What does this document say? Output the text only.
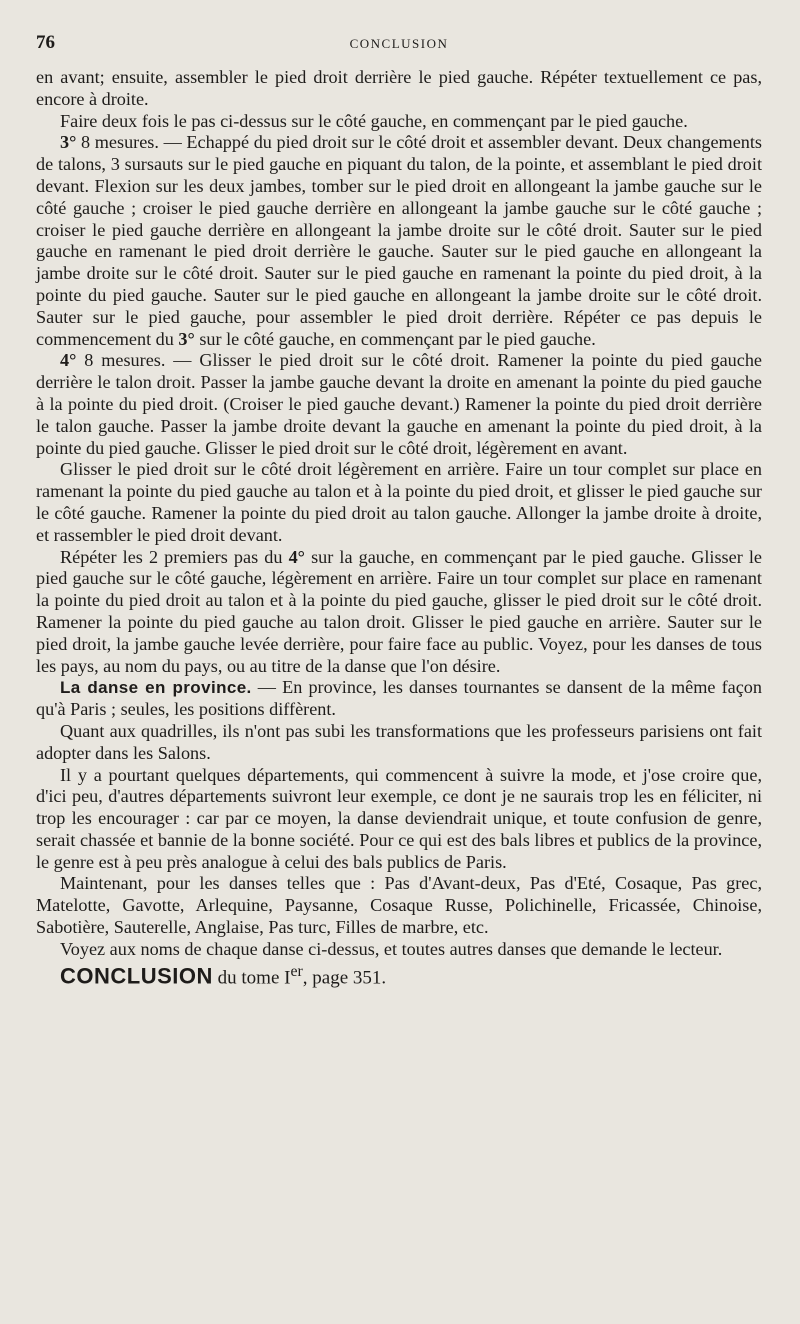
76	CONCLUSION

en avant; ensuite, assembler le pied droit derrière le pied gauche. Répéter textuellement ce pas, encore à droite.

Faire deux fois le pas ci-dessus sur le côté gauche, en commençant par le pied gauche.

3° 8 mesures. — Echappé du pied droit sur le côté droit et assembler devant. Deux changements de talons, 3 sursauts sur le pied gauche en piquant du talon, de la pointe, et assemblant le pied droit devant. Flexion sur les deux jambes, tomber sur le pied droit en allongeant la jambe gauche sur le côté gauche ; croiser le pied gauche derrière en allongeant la jambe gauche sur le côté gauche ; croiser le pied gauche derrière en allongeant la jambe droite sur le côté droit. Sauter sur le pied gauche en ramenant le pied droit derrière le gauche. Sauter sur le pied gauche en allongeant la jambe droite sur le côté droit. Sauter sur le pied gauche en ramenant la pointe du pied droit, à la pointe du pied gauche. Sauter sur le pied gauche en allongeant la jambe droite sur le côté droit. Sauter sur le pied gauche, pour assembler le pied droit derrière. Répéter ce pas depuis le commencement du 3° sur le côté gauche, en commençant par le pied gauche.

4° 8 mesures. — Glisser le pied droit sur le côté droit. Ramener la pointe du pied gauche derrière le talon droit. Passer la jambe gauche devant la droite en amenant la pointe du pied gauche à la pointe du pied droit. (Croiser le pied gauche devant.) Ramener la pointe du pied droit derrière le talon gauche. Passer la jambe droite devant la gauche en amenant la pointe du pied droit, à la pointe du pied gauche. Glisser le pied droit sur le côté droit, légèrement en avant.

Glisser le pied droit sur le côté droit légèrement en arrière. Faire un tour complet sur place en ramenant la pointe du pied gauche au talon et à la pointe du pied droit, et glisser le pied gauche sur le côté gauche. Ramener la pointe du pied droit au talon gauche. Allonger la jambe droite à droite, et rassembler le pied droit devant.

Répéter les 2 premiers pas du 4° sur la gauche, en commençant par le pied gauche. Glisser le pied gauche sur le côté gauche, légèrement en arrière. Faire un tour complet sur place en ramenant la pointe du pied droit au talon et à la pointe du pied gauche, glisser le pied droit sur le côté droit. Ramener la pointe du pied gauche au talon droit. Glisser le pied gauche en arrière. Sauter sur le pied droit, la jambe gauche levée derrière, pour faire face au public. Voyez, pour les danses de tous les pays, au nom du pays, ou au titre de la danse que l'on désire.

La danse en province. — En province, les danses tournantes se dansent de la même façon qu'à Paris ; seules, les positions diffèrent.

Quant aux quadrilles, ils n'ont pas subi les transformations que les professeurs parisiens ont fait adopter dans les Salons.

Il y a pourtant quelques départements, qui commencent à suivre la mode, et j'ose croire que, d'ici peu, d'autres départements suivront leur exemple, ce dont je ne saurais trop les en féliciter, ni trop les encourager : car par ce moyen, la danse deviendrait unique, et toute confusion de genre, serait chassée et bannie de la bonne société. Pour ce qui est des bals libres et publics de la province, le genre est à peu près analogue à celui des bals publics de Paris.

Maintenant, pour les danses telles que : Pas d'Avant-deux, Pas d'Eté, Cosaque, Pas grec, Matelotte, Gavotte, Arlequine, Paysanne, Cosaque Russe, Polichinelle, Fricassée, Chinoise, Sabotière, Sauterelle, Anglaise, Pas turc, Filles de marbre, etc.

Voyez aux noms de chaque danse ci-dessus, et toutes autres danses que demande le lecteur.

CONCLUSION du tome Ier, page 351.
